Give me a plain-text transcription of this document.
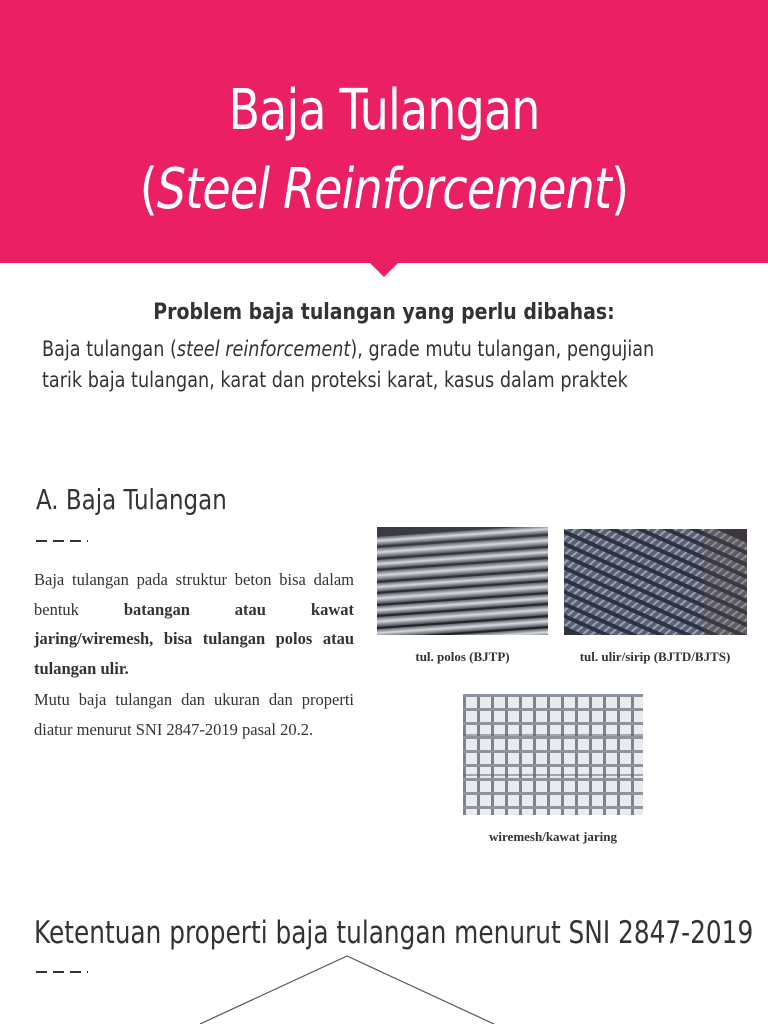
Baja Tulangan
(Steel Reinforcement)
Problem baja tulangan yang perlu dibahas:
Baja tulangan (steel reinforcement), grade mutu tulangan, pengujian tarik baja tulangan, karat dan proteksi karat, kasus dalam praktek
A. Baja Tulangan
Baja tulangan pada struktur beton bisa dalam bentuk batangan atau kawat jaring/wiremesh, bisa tulangan polos atau tulangan ulir.
Mutu baja tulangan dan ukuran dan properti diatur menurut SNI 2847-2019 pasal 20.2.
tul. polos (BJTP)	tul. ulir/sirip (BJTD/BJTS)
wiremesh/kawat jaring
Ketentuan properti baja tulangan menurut SNI 2847-2019
